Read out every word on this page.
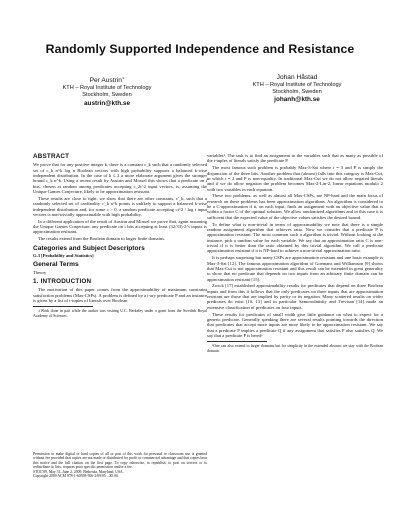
Randomly Supported Independence and Resistance
Per Austrin∗
KTH – Royal Institute of Technology
Stockholm, Sweden
austrin@kth.se
Johan Håstad
KTH – Royal Institute of Technology
Stockholm, Sweden
johanh@kth.se
ABSTRACT

We prove that for any positive integer k, there is a constant c_k such that a randomly selected set of c_k n^k log n Boolean vectors with high probability supports a balanced k-wise independent distribution. In the case of k ≤ 2 a more elaborate argument gives the stronger bound c_k n^k. Using a recent result by Austrin and Mossel this shows that a predicate on t bits, chosen at random among predicates accepting c_2t^2 input vectors, is, assuming the Unique Games Conjecture, likely to be approximation resistant.

These results are close to tight: we show that there are other constants, c'_k, such that a randomly selected set of cardinality c'_k n^k points is unlikely to support a balanced k-wise independent distribution and, for some c > 0, a random predicate accepting ct^2 / log t input vectors is non-trivially approximable with high probability.

In a different application of the result of Austrin and Mossel we prove that, again assuming the Unique Games Conjecture, any predicate on t bits accepting at least (32/33)·2^t inputs is approximation resistant.

The results extend from the Boolean domain to larger finite domains.

Categories and Subject Descriptors
G.3 [Probability and Statistics]
General Terms
Theory
1. INTRODUCTION

The motivation of this paper comes from the approximability of maximum constraint satisfaction problems (Max-CSPs). A problem is defined by a t-ary predicate P and an instance is given by a list of t-tuples of literals over Boolean

∗Work done in part while the author was visiting U.C. Berkeley under a grant from the Swedish Royal Academy of Sciences.

Permission to make digital or hard copies of all or part of this work for personal or classroom use is granted without fee provided that copies are not made or distributed for profit or commercial advantage and that copies bear this notice and the full citation on the first page. To copy otherwise, to republish, to post on servers or to redistribute to lists, requires prior specific permission and/or a fee.

STOC'09, May 31–June 2, 2009, Bethesda, Maryland, USA.

Copyright 2009 ACM 978-1-60558-506-2/09/05 ...$5.00.

variables¹. The task is to find an assignment to the variables such that as many as possible of the t-tuples of literals satisfy the predicate P.

The most famous such problem is probably Max-3-Sat where t = 3 and P is simply the disjunction of the three bits. Another problem that (almost) falls into this category is Max-Cut, in which t = 2 and P is non-equality. In traditional Max-Cut we do not allow negated literals and if we do allow negation the problem becomes Max-2-Lin-2, linear equations modulo 2 with two variables in each equation.

These two problems, as well as almost all Max-CSPs, are NP-hard and the main focus of research on these problems has been approximation algorithms. An algorithm is considered to be a C-approximation if it, on each input, finds an assignment with an objective value that is within a factor C of the optimal solution. We allow randomized algorithms and in this case it is sufficient that the expected value of the objective values satisfies the desired bound.

To define what is non-trivial in terms of approximability we note that there is a simple random assignment algorithm that achieves ratio. Now we consider that a predicate P is approximation resistant. The most common such a algorithm is trivial. Without looking at the instance, pick a random value for each variable. We say that an approximation ratio C is non-trivial if it is better than the ratio obtained by this trivial algorithm. We call a predicate approximation resistant if it is NP-hard to achieve a non-trivial approximation ratio.

It is perhaps surprising but many CSPs are approximation resistant and one basic example is Max-3-Sat [12]. The famous approximation algorithm of Goemans and Williamson [9] shows that Max-Cut is not approximation resistant and this result can be extended in great generality to show that no predicate that depends on two inputs from an arbitrary finite domain can be approximation resistant [15].

Zwick [17] established approximability results for predicates that depend on three Boolean inputs and from this it follows that the only predicates on three inputs that are approximation resistant are those that are implied by parity or its negation. Many scattered results on wider predicates do exist [10, 13] and in particular Samorodnitsky and Trevisan [14] made an extensive classification of predicates on four inputs.

These results for predicates of small width give little guidance on what to expect for a generic predicate. Generally speaking there are several results pointing towards the direction that predicates that accept more inputs are more likely to be approximation resistant. We say that a predicate P implies a predicate Q if any assignment that satisfies P also satisfies Q. We say that a predicate P is hered-

¹One can also extend to larger domains but for simplicity in the extended abstract we stay with the Boolean domain.
